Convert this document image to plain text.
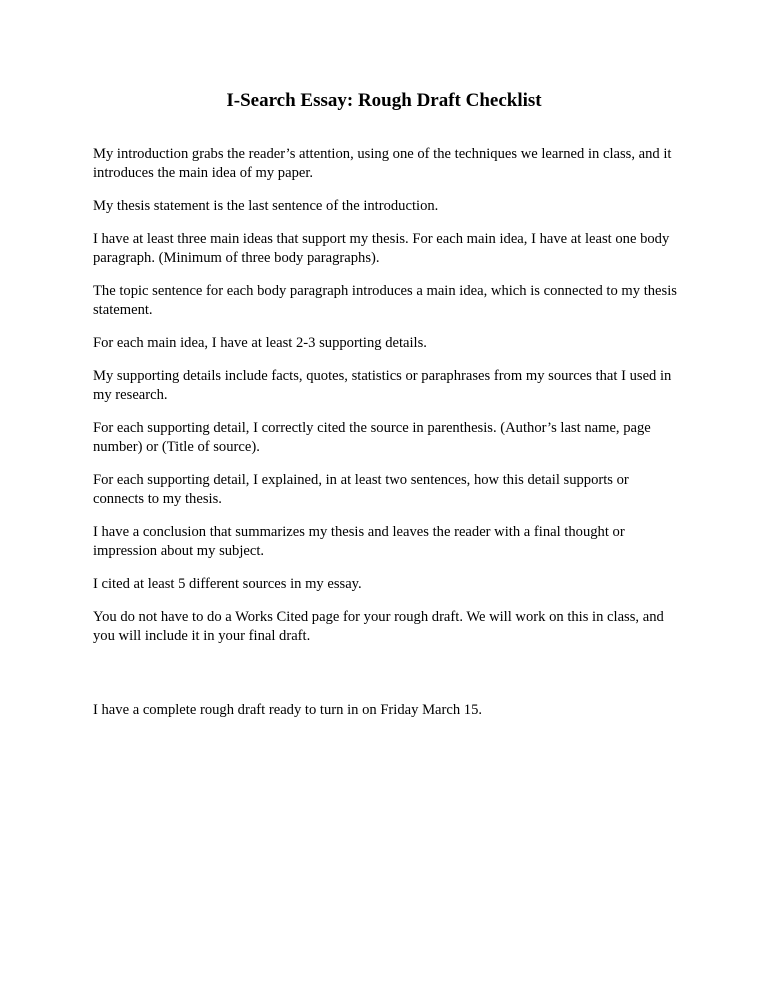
I-Search Essay: Rough Draft Checklist

My introduction grabs the reader’s attention, using one of the techniques we learned in class, and it introduces the main idea of my paper.

My thesis statement is the last sentence of the introduction.

I have at least three main ideas that support my thesis. For each main idea, I have at least one body paragraph. (Minimum of three body paragraphs).

The topic sentence for each body paragraph introduces a main idea, which is connected to my thesis statement.

For each main idea, I have at least 2-3 supporting details.

My supporting details include facts, quotes, statistics or paraphrases from my sources that I used in my research.

For each supporting detail, I correctly cited the source in parenthesis. (Author’s last name, page number) or (Title of source).

For each supporting detail, I explained, in at least two sentences, how this detail supports or connects to my thesis.

I have a conclusion that summarizes my thesis and leaves the reader with a final thought or impression about my subject.

I cited at least 5 different sources in my essay.

You do not have to do a Works Cited page for your rough draft. We will work on this in class, and you will include it in your final draft.

I have a complete rough draft ready to turn in on Friday March 15.
